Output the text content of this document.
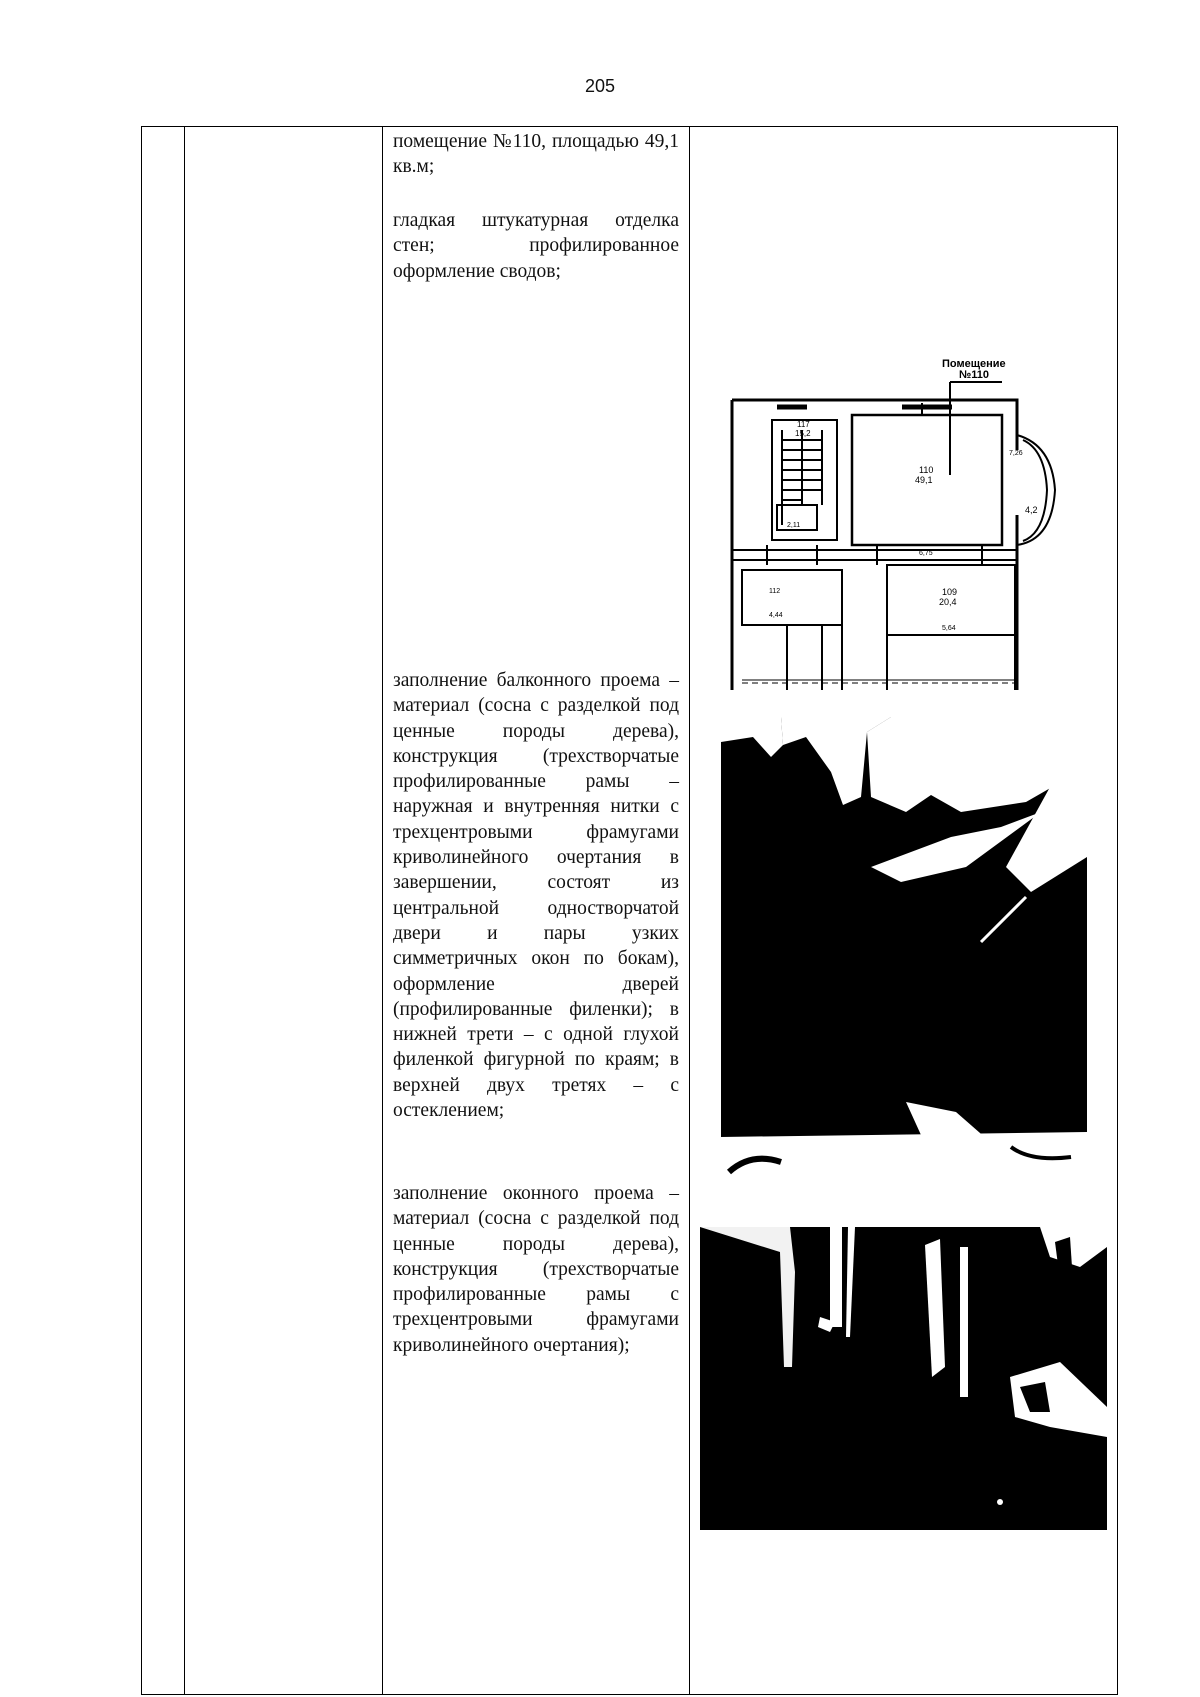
205

помещение №110, площадью 49,1 кв.м;

гладкая штукатурная отделка стен; профилированное оформление сводов;

заполнение балконного проема – материал (сосна с разделкой под ценные породы дерева), конструкция (трехстворчатые профилированные рамы – наружная и внутренняя нитки с трехцентровыми фрамугами криволинейного очертания в завершении, состоят из центральной одностворчатой двери и пары узких симметричных окон по бокам), оформление дверей (профилированные филенки); в нижней трети – с одной глухой филенкой фигурной по краям; в верхней двух третях – с остеклением;

заполнение оконного проема – материал (сосна с разделкой под ценные породы дерева), конструкция (трехстворчатые профилированные рамы с трехцентровыми фрамугами криволинейного очертания);

Помещение
№110
110
49,1
117
15,2
109
20,4
112
4,2
5,64
2,11
6,75
4,44
7,26
